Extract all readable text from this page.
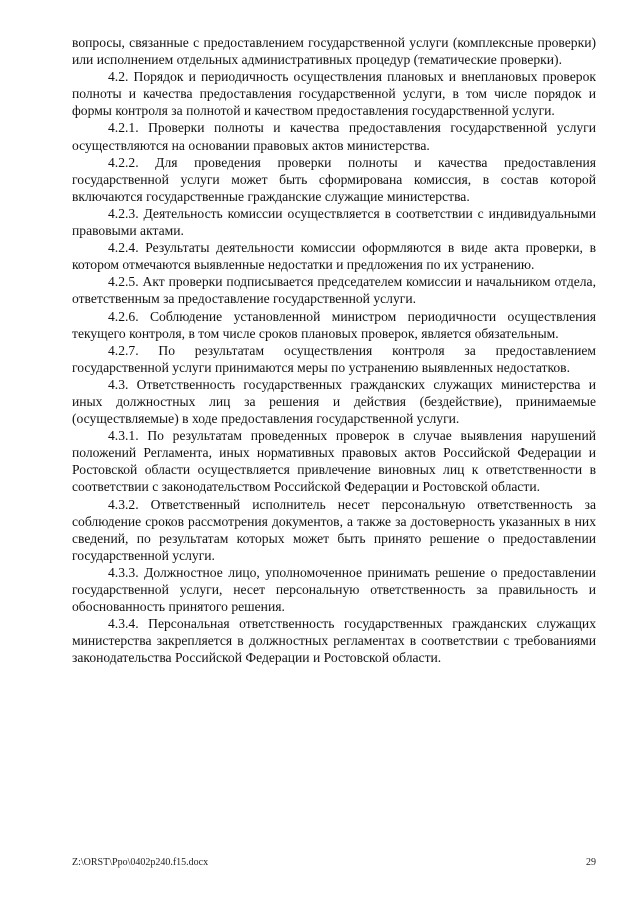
вопросы, связанные с предоставлением государственной услуги (комплексные проверки) или исполнением отдельных административных процедур (тематические проверки).

4.2. Порядок и периодичность осуществления плановых и внеплановых проверок полноты и качества предоставления государственной услуги, в том числе порядок и формы контроля за полнотой и качеством предоставления государственной услуги.

4.2.1. Проверки полноты и качества предоставления государственной услуги осуществляются на основании правовых актов министерства.

4.2.2. Для проведения проверки полноты и качества предоставления государственной услуги может быть сформирована комиссия, в состав которой включаются государственные гражданские служащие министерства.

4.2.3. Деятельность комиссии осуществляется в соответствии с индивидуальными правовыми актами.

4.2.4. Результаты деятельности комиссии оформляются в виде акта проверки, в котором отмечаются выявленные недостатки и предложения по их устранению.

4.2.5. Акт проверки подписывается председателем комиссии и начальником отдела, ответственным за предоставление государственной услуги.

4.2.6. Соблюдение установленной министром периодичности осуществления текущего контроля, в том числе сроков плановых проверок, является обязательным.

4.2.7. По результатам осуществления контроля за предоставлением государственной услуги принимаются меры по устранению выявленных недостатков.

4.3. Ответственность государственных гражданских служащих министерства и иных должностных лиц за решения и действия (бездействие), принимаемые (осуществляемые) в ходе предоставления государственной услуги.

4.3.1. По результатам проведенных проверок в случае выявления нарушений положений Регламента, иных нормативных правовых актов Российской Федерации и Ростовской области осуществляется привлечение виновных лиц к ответственности в соответствии с законодательством Российской Федерации и Ростовской области.

4.3.2. Ответственный исполнитель несет персональную ответственность за соблюдение сроков рассмотрения документов, а также за достоверность указанных в них сведений, по результатам которых может быть принято решение о предоставлении государственной услуги.

4.3.3. Должностное лицо, уполномоченное принимать решение о предоставлении государственной услуги, несет персональную ответственность за правильность и обоснованность принятого решения.

4.3.4. Персональная ответственность государственных гражданских служащих министерства закрепляется в должностных регламентах в соответствии с требованиями законодательства Российской Федерации и Ростовской области.

Z:\ORST\Ppo\0402p240.f15.docx	29
